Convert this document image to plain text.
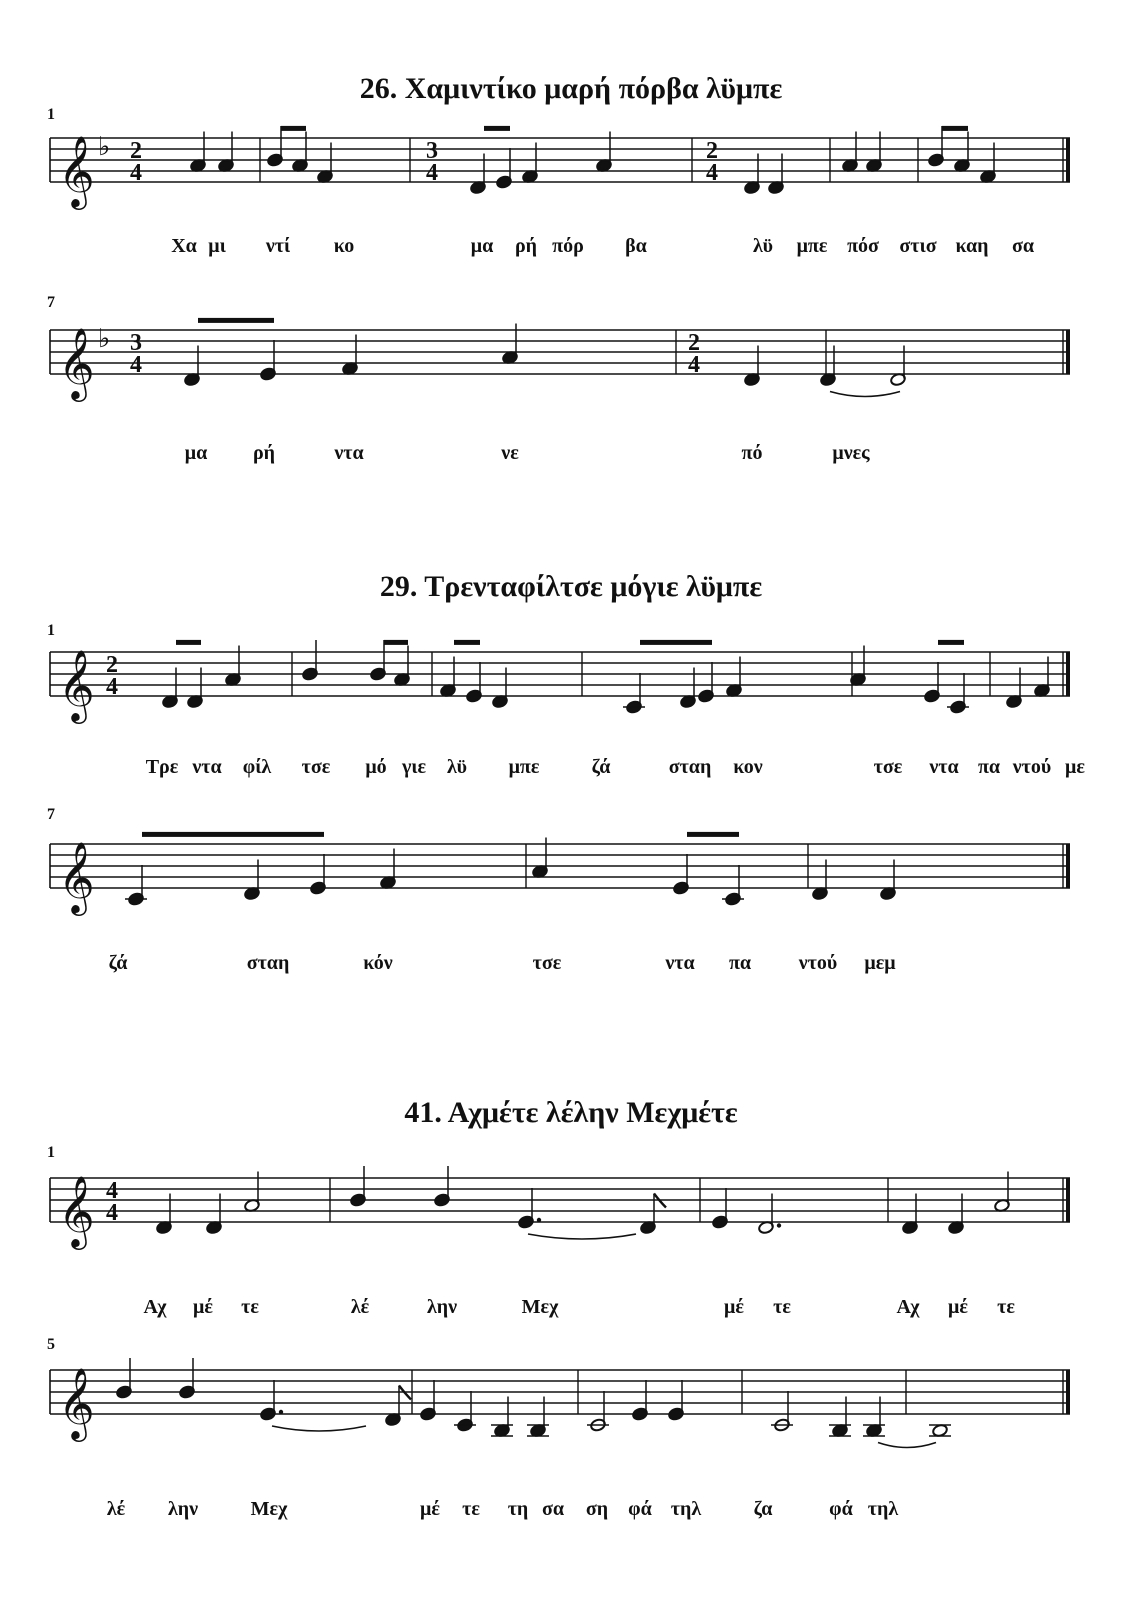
26. Χαμιντίκο μαρή πόρβα λϋμπε
1
𝄞 ♭ 2
4
3
4
2
4
Χα μι ντί κο	μα ρή πόρ βα	λϋ μπε πόσ στισ καη σα
7
𝄞 ♭ 3
4
2
4
μα ρή	ντα	νε	πό	μνες
29. Τρενταφίλτσε μόγιε λϋμπε
1
𝄞 2
4
Τρε ντα φίλ τσε μό γιε λϋ μπε	ζά	σταη κον	τσε ντα πα ντού με
7
𝄞
ζά	σταη	κόν	τσε	ντα πα ντού μεμ
41. Αχμέτε λέλην Μεχμέτε
1
𝄞 4
4
Αχ μέ τε	λέ	λην	Μεχ	μέ τε	Αχ μέ τε
5
𝄞
λέ λην	Μεχ	μέ τε τη σα ση φά τηλ	ζα	φά τηλ
